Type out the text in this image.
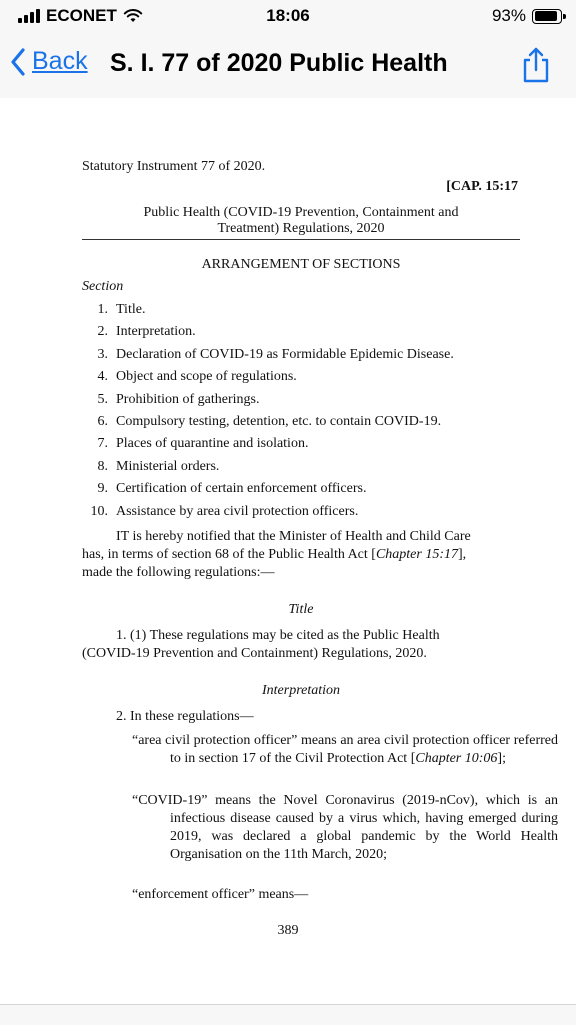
ECONET	18:06	93%
Back S. I. 77 of 2020 Public Health
Statutory Instrument 77 of 2020.
[CAP. 15:17
Public Health (COVID-19 Prevention, Containment and
Treatment) Regulations, 2020
ARRANGEMENT OF SECTIONS
Section
1. Title.
2. Interpretation.
3. Declaration of COVID-19 as Formidable Epidemic Disease.
4. Object and scope of regulations.
5. Prohibition of gatherings.
6. Compulsory testing, detention, etc. to contain COVID-19.
7. Places of quarantine and isolation.
8. Ministerial orders.
9. Certification of certain enforcement officers.
10. Assistance by area civil protection officers.
IT is hereby notified that the Minister of Health and Child Care
has, in terms of section 68 of the Public Health Act [Chapter 15:17],
made the following regulations:—
Title
1. (1) These regulations may be cited as the Public Health
(COVID-19 Prevention and Containment) Regulations, 2020.
Interpretation
2. In these regulations—
“area civil protection officer” means an area civil protection officer referred to in section 17 of the Civil Protection Act [Chapter 10:06];
“COVID-19” means the Novel Coronavirus (2019-nCov), which is an infectious disease caused by a virus which, having emerged during 2019, was declared a global pandemic by the World Health Organisation on the 11th March, 2020;
“enforcement officer” means—
389
